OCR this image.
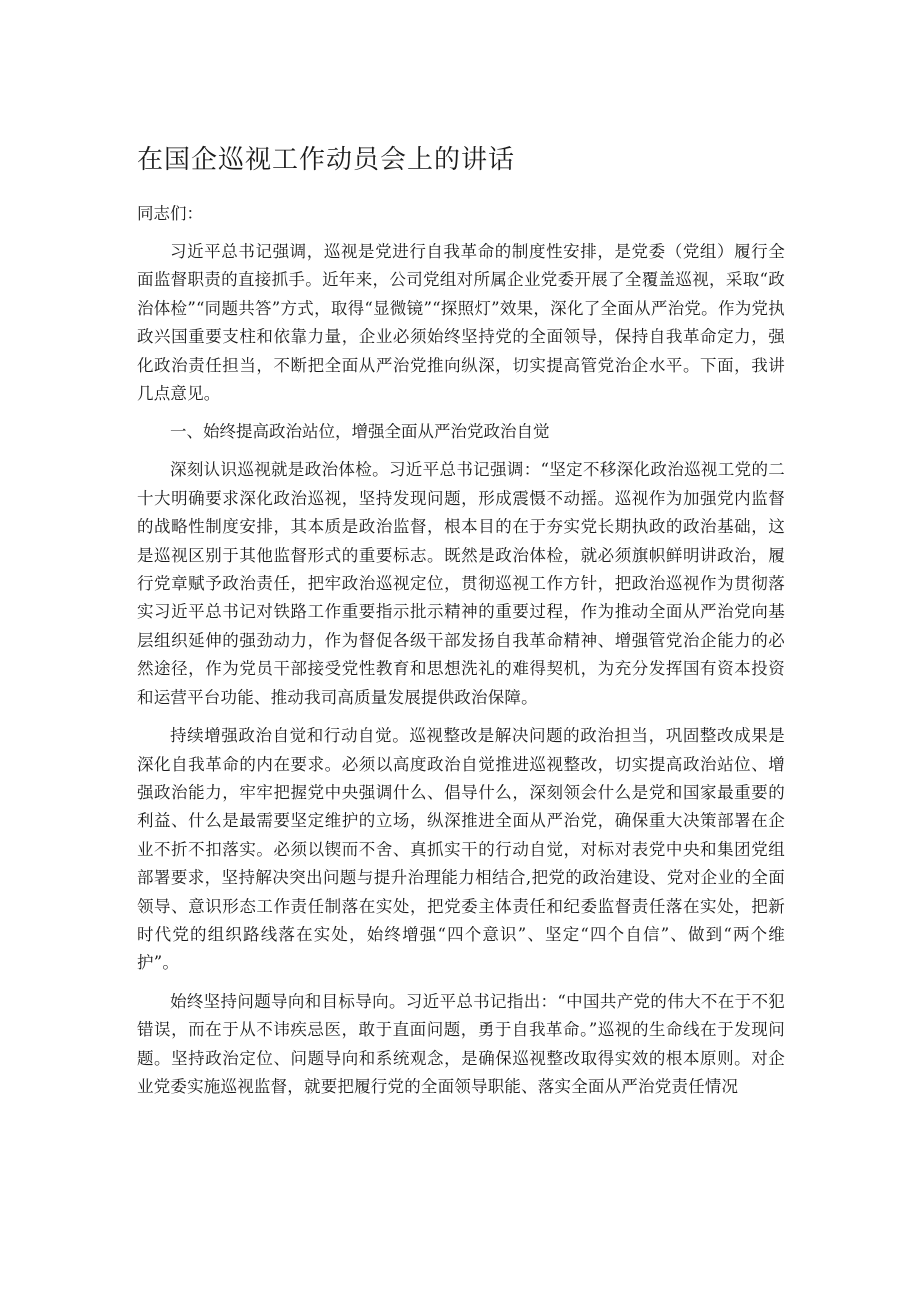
在国企巡视工作动员会上的讲话

同志们：

习近平总书记强调，巡视是党进行自我革命的制度性安排，是党委（党组）履行全面监督职责的直接抓手。近年来，公司党组对所属企业党委开展了全覆盖巡视，采取“政治体检”“同题共答”方式，取得“显微镜”“探照灯”效果，深化了全面从严治党。作为党执政兴国重要支柱和依靠力量，企业必须始终坚持党的全面领导，保持自我革命定力，强化政治责任担当，不断把全面从严治党推向纵深，切实提高管党治企水平。下面，我讲几点意见。

一、始终提高政治站位，增强全面从严治党政治自觉

深刻认识巡视就是政治体检。习近平总书记强调：“坚定不移深化政治巡视工党的二十大明确要求深化政治巡视，坚持发现问题，形成震慑不动摇。巡视作为加强党内监督的战略性制度安排，其本质是政治监督，根本目的在于夯实党长期执政的政治基础，这是巡视区别于其他监督形式的重要标志。既然是政治体检，就必须旗帜鲜明讲政治，履行党章赋予政治责任，把牢政治巡视定位，贯彻巡视工作方针，把政治巡视作为贯彻落实习近平总书记对铁路工作重要指示批示精神的重要过程，作为推动全面从严治党向基层组织延伸的强劲动力，作为督促各级干部发扬自我革命精神、增强管党治企能力的必然途径，作为党员干部接受党性教育和思想洗礼的难得契机，为充分发挥国有资本投资和运营平台功能、推动我司高质量发展提供政治保障。

持续增强政治自觉和行动自觉。巡视整改是解决问题的政治担当，巩固整改成果是深化自我革命的内在要求。必须以高度政治自觉推进巡视整改，切实提高政治站位、增强政治能力，牢牢把握党中央强调什么、倡导什么，深刻领会什么是党和国家最重要的利益、什么是最需要坚定维护的立场，纵深推进全面从严治党，确保重大决策部署在企业不折不扣落实。必须以锲而不舍、真抓实干的行动自觉，对标对表党中央和集团党组部署要求，坚持解决突出问题与提升治理能力相结合,把党的政治建设、党对企业的全面领导、意识形态工作责任制落在实处，把党委主体责任和纪委监督责任落在实处，把新时代党的组织路线落在实处，始终增强“四个意识”、坚定“四个自信”、做到“两个维护”。

始终坚持问题导向和目标导向。习近平总书记指出：“中国共产党的伟大不在于不犯错误，而在于从不讳疾忌医，敢于直面问题，勇于自我革命。”巡视的生命线在于发现问题。坚持政治定位、问题导向和系统观念，是确保巡视整改取得实效的根本原则。对企业党委实施巡视监督，就要把履行党的全面领导职能、落实全面从严治党责任情况
